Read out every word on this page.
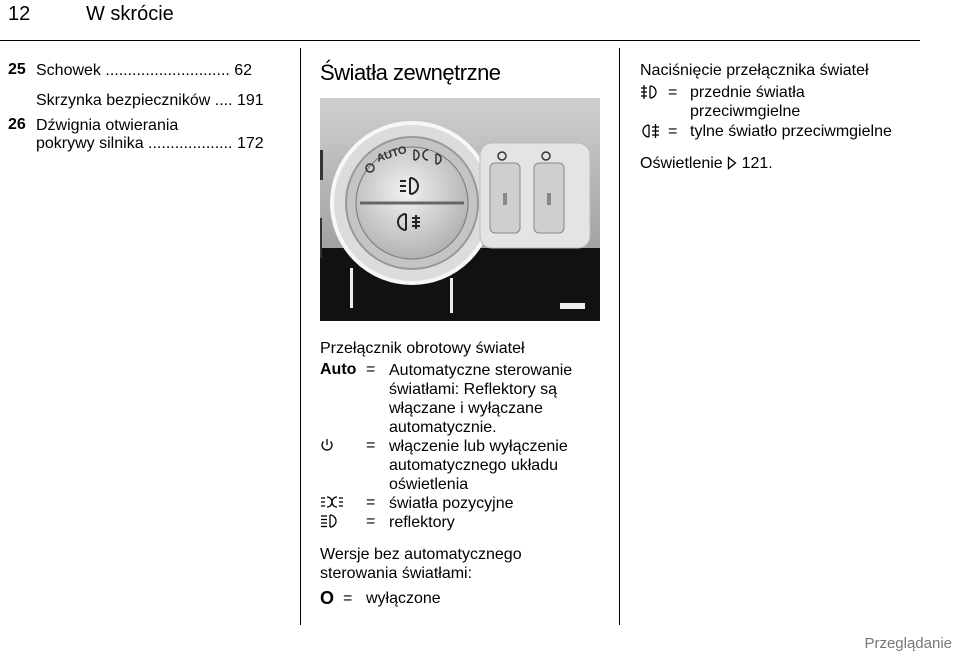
12	W skrócie
25 Schowek ............................ 62
Skrzynka bezpieczników .... 191
26 Dźwignia otwierania
pokrywy silnika ................... 172
Światła zewnętrzne
AUTO
Przełącznik obrotowy świateł
Auto = Automatyczne sterowanie
światłami: Reflektory są
włączane i wyłączane
automatycznie.
= włączenie lub wyłączenie
automatycznego układu
oświetlenia
= światła pozycyjne
= reflektory
Wersje bez automatycznego
sterowania światłami:
O = wyłączone
Naciśnięcie przełącznika świateł
= przednie światła
przeciwmgielne
= tylne światło przeciwmgielne
Oświetlenie 121.
Przeglądanie
